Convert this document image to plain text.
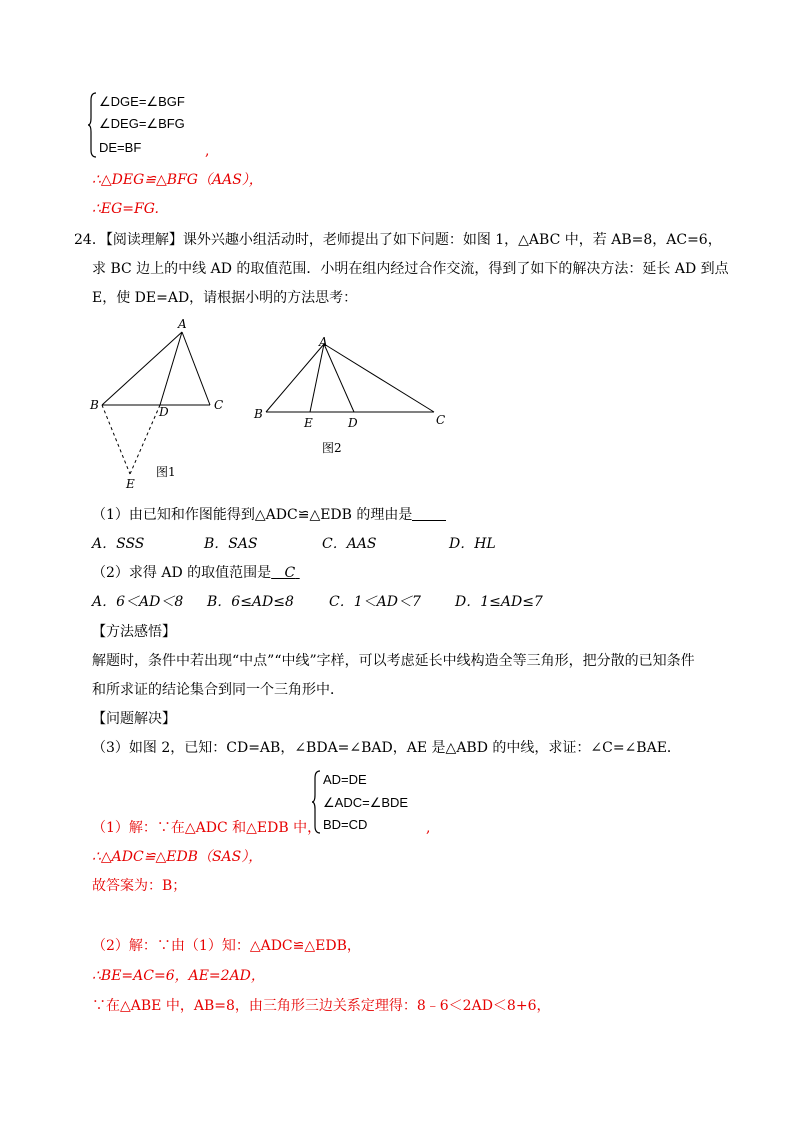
∠DGE=∠BGF
∠DEG=∠BFG
DE=BF	,
∴△DEG≌△BFG（AAS），
∴EG=FG.
24．【阅读理解】课外兴趣小组活动时，老师提出了如下问题：如图 1，△ABC 中，若 AB=8，AC=6，
求 BC 边上的中线 AD 的取值范围．小明在组内经过合作交流，得到了如下的解决方法：延长 AD 到点
E，使 DE=AD，请根据小明的方法思考：
A
B	C
D
E
图1
A
B	C
D
E
图2
（1）由已知和作图能得到△ADC≌△EDB 的理由是
A．SSS	B．SAS	C．AAS	D．HL
（2）求得 AD 的取值范围是 C
A．6＜AD＜8 B．6≤AD≤8	C．1＜AD＜7 D．1≤AD≤7
【方法感悟】
解题时，条件中若出现“中点”“中线”字样，可以考虑延长中线构造全等三角形，把分散的已知条件
和所求证的结论集合到同一个三角形中．
【问题解决】
（3）如图 2，已知：CD=AB，∠BDA=∠BAD，AE 是△ABD 的中线，求证：∠C=∠BAE．
AD=DE
∠ADC=∠BDE
BD=CD	,
（1）解：∵在△ADC 和△EDB 中，
∴△ADC≌△EDB（SAS），
故答案为：B；
（2）解：∵由（1）知：△ADC≌△EDB，
∴BE=AC=6，AE=2AD，
∵在△ABE 中，AB=8，由三角形三边关系定理得：8﹣6＜2AD＜8+6，
